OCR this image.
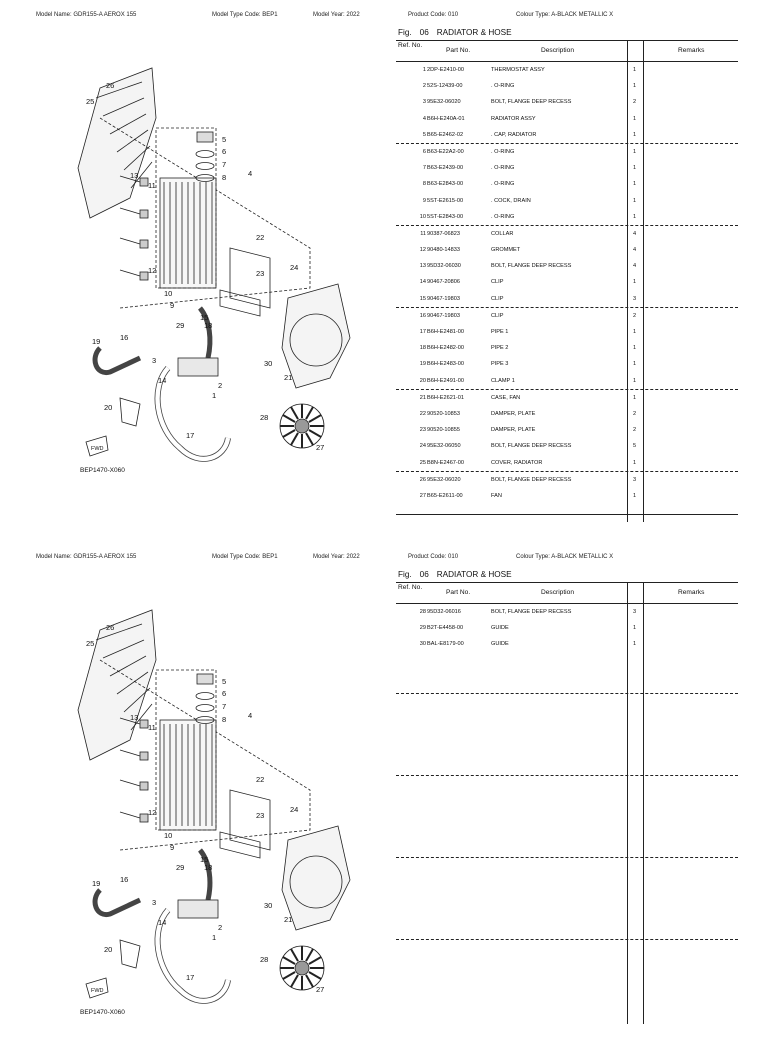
Model Name: GDR155-A AEROX 155	Model Type Code: BEP1	Model Year: 2022	Product Code: 010	Colour Type: A-BLACK METALLIC X
Fig. 06 RADIATOR & HOSE
1
2
3
4
5
6
7
8
9
10
11
12
13
14
15
16
17
18
19
20
21
22
23
24
25
26
27
28
29
30
FWD
BEP1470-X060
Ref. No.
Part No.	Description	Remarks
1 2DP-E2410-00	THERMOSTAT ASSY	1
2 52S-12439-00	. O-RING	1
3 95E32-06020	BOLT, FLANGE DEEP RECESS	2
4 B6H-E240A-01	RADIATOR ASSY	1
5 B65-E2462-02	. CAP, RADIATOR	1
6 B63-E22A2-00	. O-RING	1
7 B63-E2439-00	. O-RING	1
8 B63-E2843-00	. O-RING	1
9 5ST-E2615-00	. COCK, DRAIN	1
10 5ST-E2843-00	. O-RING	1
11 90387-06823	COLLAR	4
12 90480-14833	GROMMET	4
13 95D32-06030	BOLT, FLANGE DEEP RECESS	4
14 90467-20806	CLIP	1
15 90467-19803	CLIP	3
16 90467-19803	CLIP	2
17 B6H-E2481-00	PIPE 1	1
18 B6H-E2482-00	PIPE 2	1
19 B6H-E2483-00	PIPE 3	1
20 B6H-E2491-00	CLAMP 1	1
21 B6H-E2621-01	CASE, FAN	1
22 90520-10853	DAMPER, PLATE	2
23 90520-10855	DAMPER, PLATE	2
24 95E32-06050	BOLT, FLANGE DEEP RECESS	5
25 B8N-E2467-00	COVER, RADIATOR	1
26 95E32-06020	BOLT, FLANGE DEEP RECESS	3
27 B65-E2611-00	FAN	1
Model Name: GDR155-A AEROX 155	Model Type Code: BEP1	Model Year: 2022	Product Code: 010	Colour Type: A-BLACK METALLIC X
Fig. 06 RADIATOR & HOSE
1
2
3
4
5
6
7
8
9
10
11
12
13
14
15
16
17
18
19
20
21
22
23
24
25
26
27
28
29
30
FWD
BEP1470-X060
Ref. No.
Part No.	Description	Remarks
28 95D32-06016	BOLT, FLANGE DEEP RECESS	3
29 B2T-E4458-00	GUIDE	1
30 BAL-E8179-00	GUIDE	1
